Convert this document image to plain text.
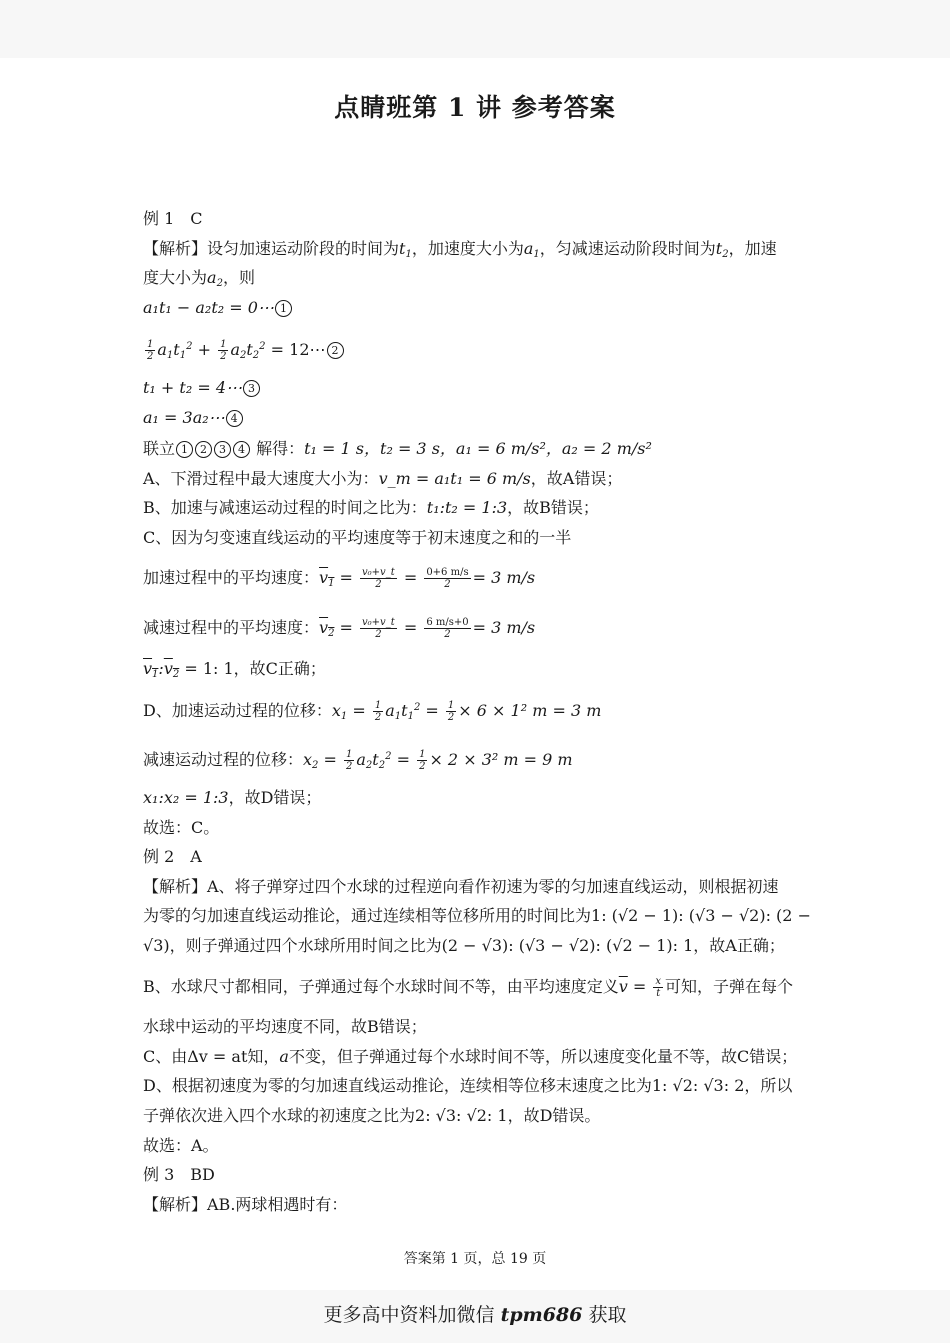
点睛班第 1 讲 参考答案
例 1　C
【解析】设匀加速运动阶段的时间为$t_1$，加速度大小为$a_1$，匀减速运动阶段时间为$t_2$，加速
度大小为$a_2$，则
a₁t₁ − a₂t₂ = 0⋯ 1
$\frac{1}{2} a_1t_1^2 + \frac{1}{2} a_2t_2^2$ = 12⋯ 2
t₁ + t₂ = 4⋯ 3
a₁ = 3a₂⋯ 4
联立 1 2 3 4 解得：t₁ = 1 s，t₂ = 3 s，a₁ = 6 m/s²，a₂ = 2 m/s²
A、下滑过程中最大速度大小为：v_m = a₁t₁ = 6 m/s，故A错误；
B、加速与减速运动过程的时间之比为：t₁:t₂ = 1:3，故B错误；
C、因为匀变速直线运动的平均速度等于初末速度之和的一半
加速过程中的平均速度：$v_1 = \frac{\text{v₀+v\_t}}{2} = \frac{0+6 m/s}{2} = 3$ m/s
减速过程中的平均速度：$v_2 = \frac{\text{v₀+v\_t}}{2} = \frac{6 m/s+0}{2} = 3$ m/s
$v_1:v_2 = 1$: 1，故C正确；
D、加速运动过程的位移：$x_1 = \frac{1}{2} a_1t_1^2 = \frac{1}{2} \times 6 \times 1^2$ m = 3 m
减速运动过程的位移：$x_2 = \frac{1}{2} a_2t_2^2 = \frac{1}{2} \times 2 \times 3^2$ m = 9 m
x₁:x₂ = 1:3，故D错误；
故选：C。
例 2　A
【解析】A、将子弹穿过四个水球的过程逆向看作初速为零的匀加速直线运动，则根据初速
为零的匀加速直线运动推论，通过连续相等位移所用的时间比为1: (√2 − 1): (√3 − √2): (2 −
√3)，则子弹通过四个水球所用时间之比为(2 − √3): (√3 − √2): (√2 − 1): 1，故A正确；
B、水球尺寸都相同，子弹通过每个水球时间不等，由平均速度定义$\overline{v} = \frac{x}{t}$ 可知，子弹在每个
水球中运动的平均速度不同，故B错误；
C、由Δv = at知，a不变，但子弹通过每个水球时间不等，所以速度变化量不等，故C错误；
D、根据初速度为零的匀加速直线运动推论，连续相等位移末速度之比为1: √2: √3: 2，所以
子弹依次进入四个水球的初速度之比为2: √3: √2: 1，故D错误。
故选：A。
例 3　BD
【解析】AB.两球相遇时有：
答案第 1 页，总 19 页
更多高中资料加微信 tpm686 获取
